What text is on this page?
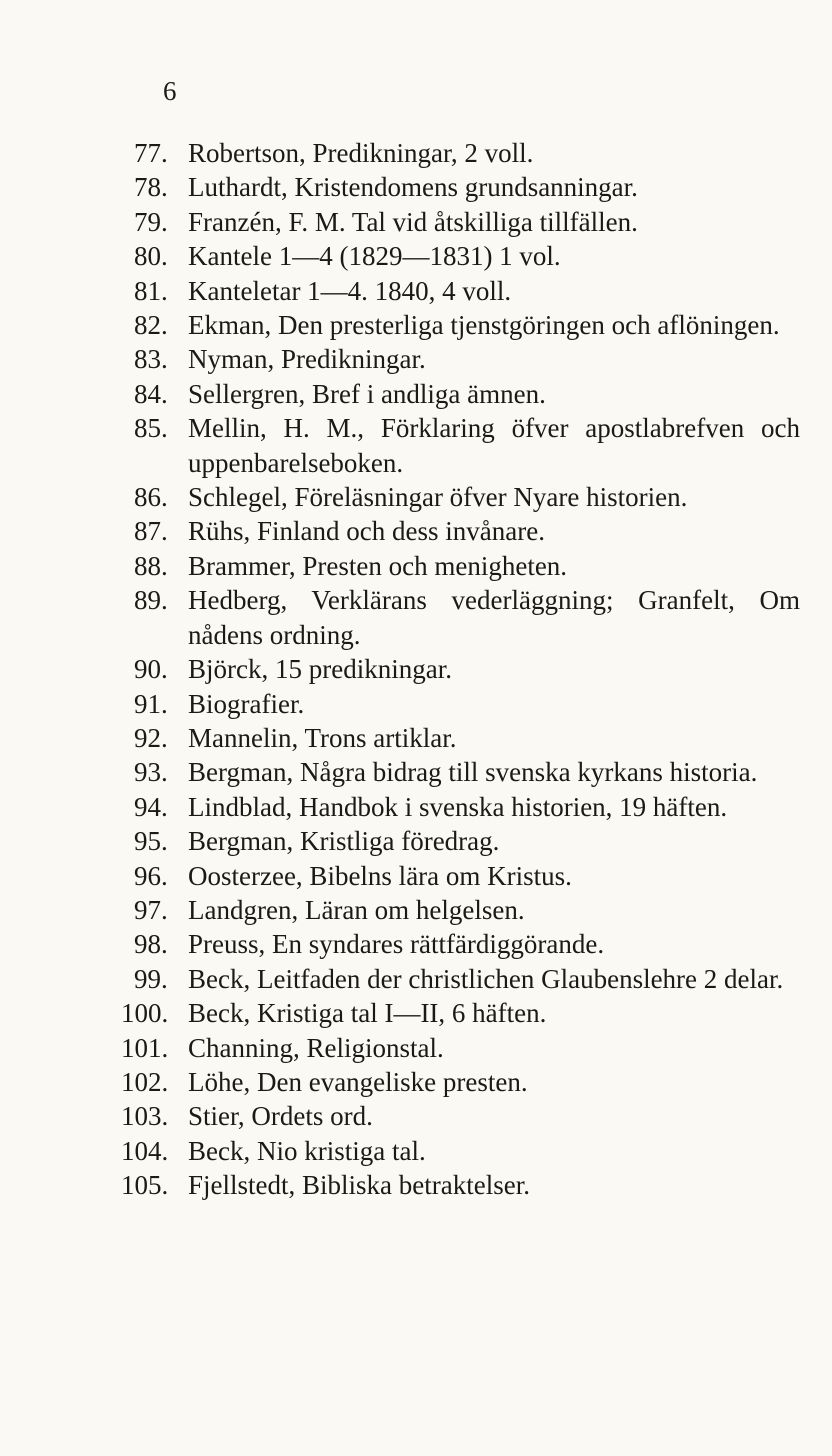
6
77. Robertson, Predikningar, 2 voll.
78. Luthardt, Kristendomens grundsanningar.
79. Franzén, F. M. Tal vid åtskilliga tillfällen.
80. Kantele 1—4 (1829—1831) 1 vol.
81. Kanteletar 1—4. 1840, 4 voll.
82. Ekman, Den presterliga tjenstgöringen och aflöningen.
83. Nyman, Predikningar.
84. Sellergren, Bref i andliga ämnen.
85. Mellin, H. M., Förklaring öfver apostlabrefven och uppenbarelseboken.
86. Schlegel, Föreläsningar öfver Nyare historien.
87. Rühs, Finland och dess invånare.
88. Brammer, Presten och menigheten.
89. Hedberg, Verklärans vederläggning; Granfelt, Om nådens ordning.
90. Björck, 15 predikningar.
91. Biografier.
92. Mannelin, Trons artiklar.
93. Bergman, Några bidrag till svenska kyrkans historia.
94. Lindblad, Handbok i svenska historien, 19 häften.
95. Bergman, Kristliga föredrag.
96. Oosterzee, Bibelns lära om Kristus.
97. Landgren, Läran om helgelsen.
98. Preuss, En syndares rättfärdiggörande.
99. Beck, Leitfaden der christlichen Glaubenslehre 2 delar.
100. Beck, Kristiga tal I—II, 6 häften.
101. Channing, Religionstal.
102. Löhe, Den evangeliske presten.
103. Stier, Ordets ord.
104. Beck, Nio kristiga tal.
105. Fjellstedt, Bibliska betraktelser.
